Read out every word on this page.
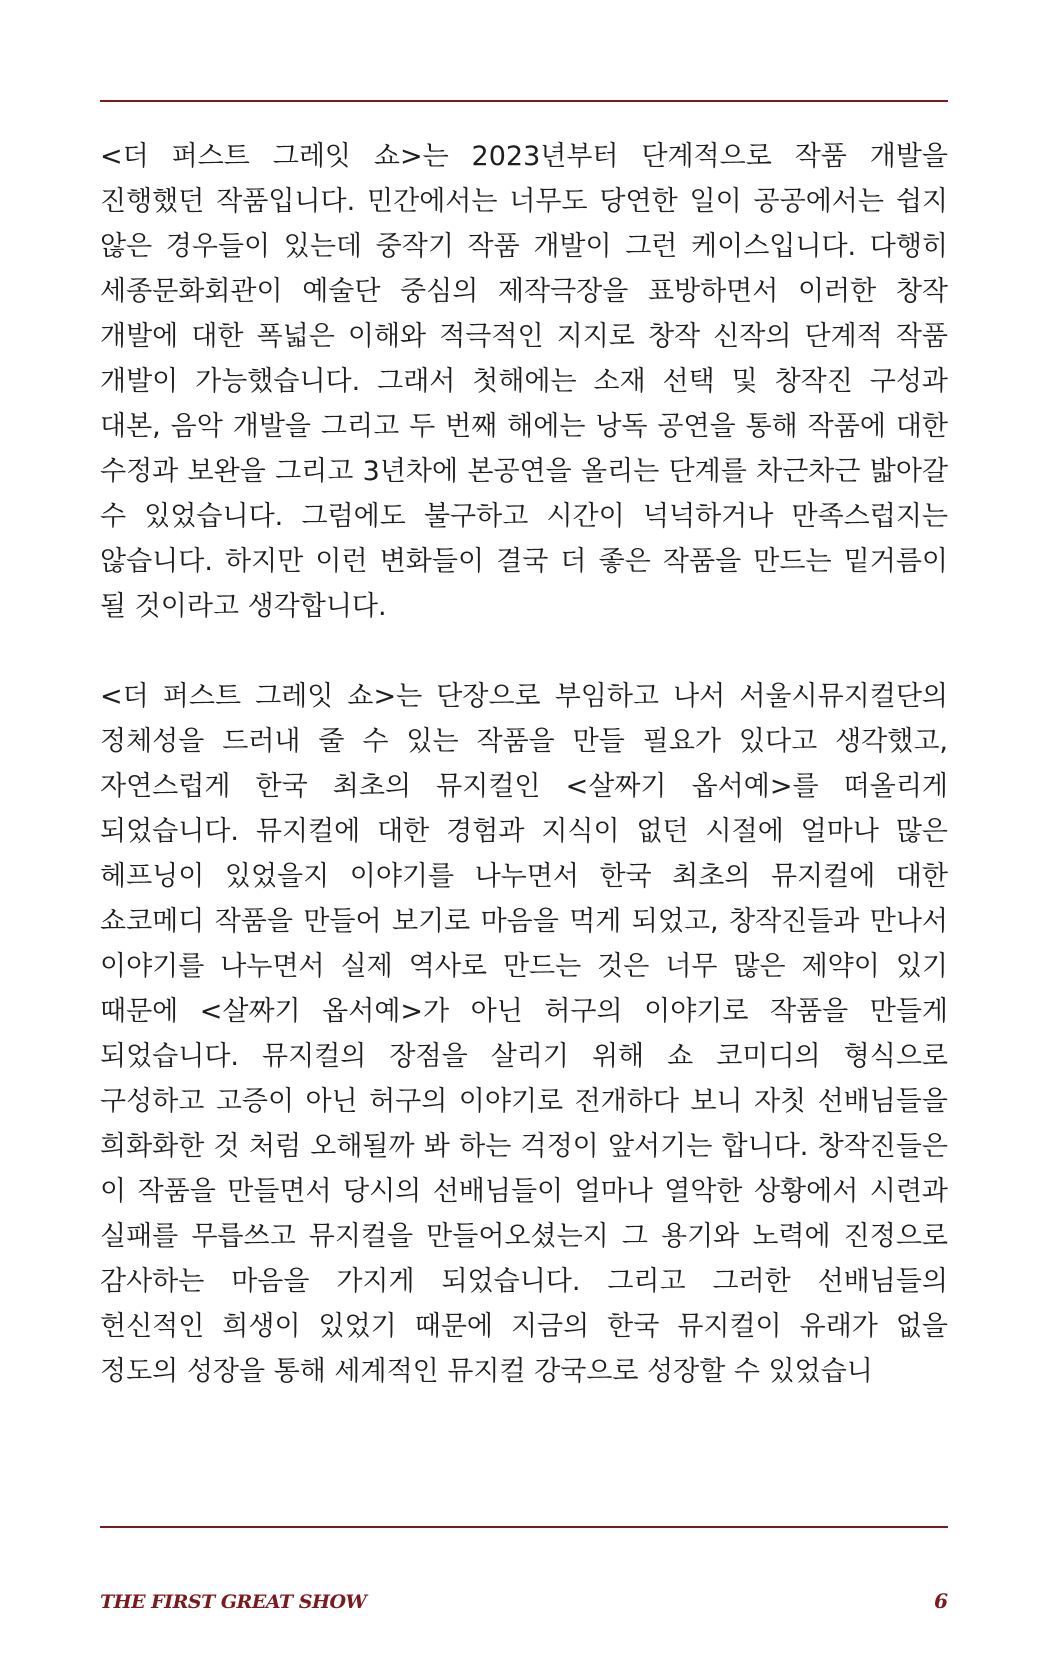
<더 퍼스트 그레잇 쇼>는 2023년부터 단계적으로 작품 개발을 진행했던 작품입니다. 민간에서는 너무도 당연한 일이 공공에서는 쉽지 않은 경우들이 있는데 중작기 작품 개발이 그런 케이스입니다. 다행히 세종문화회관이 예술단 중심의 제작극장을 표방하면서 이러한 창작 개발에 대한 폭넓은 이해와 적극적인 지지로 창작 신작의 단계적 작품 개발이 가능했습니다. 그래서 첫해에는 소재 선택 및 창작진 구성과 대본, 음악 개발을 그리고 두 번째 해에는 낭독 공연을 통해 작품에 대한 수정과 보완을 그리고 3년차에 본공연을 올리는 단계를 차근차근 밟아갈 수 있었습니다. 그럼에도 불구하고 시간이 넉넉하거나 만족스럽지는 않습니다. 하지만 이런 변화들이 결국 더 좋은 작품을 만드는 밑거름이 될 것이라고 생각합니다.

<더 퍼스트 그레잇 쇼>는 단장으로 부임하고 나서 서울시뮤지컬단의 정체성을 드러내 줄 수 있는 작품을 만들 필요가 있다고 생각했고, 자연스럽게 한국 최초의 뮤지컬인 <살짜기 옵서예>를 떠올리게 되었습니다. 뮤지컬에 대한 경험과 지식이 없던 시절에 얼마나 많은 헤프닝이 있었을지 이야기를 나누면서 한국 최초의 뮤지컬에 대한 쇼코메디 작품을 만들어 보기로 마음을 먹게 되었고, 창작진들과 만나서 이야기를 나누면서 실제 역사로 만드는 것은 너무 많은 제약이 있기 때문에 <살짜기 옵서예>가 아닌 허구의 이야기로 작품을 만들게 되었습니다. 뮤지컬의 장점을 살리기 위해 쇼 코미디의 형식으로 구성하고 고증이 아닌 허구의 이야기로 전개하다 보니 자칫 선배님들을 희화화한 것 처럼 오해될까 봐 하는 걱정이 앞서기는 합니다. 창작진들은 이 작품을 만들면서 당시의 선배님들이 얼마나 열악한 상황에서 시련과 실패를 무릅쓰고 뮤지컬을 만들어오셨는지 그 용기와 노력에 진정으로 감사하는 마음을 가지게 되었습니다. 그리고 그러한 선배님들의 헌신적인 희생이 있었기 때문에 지금의 한국 뮤지컬이 유래가 없을 정도의 성장을 통해 세계적인 뮤지컬 강국으로 성장할 수 있었습니

THE FIRST GREAT SHOW	6
